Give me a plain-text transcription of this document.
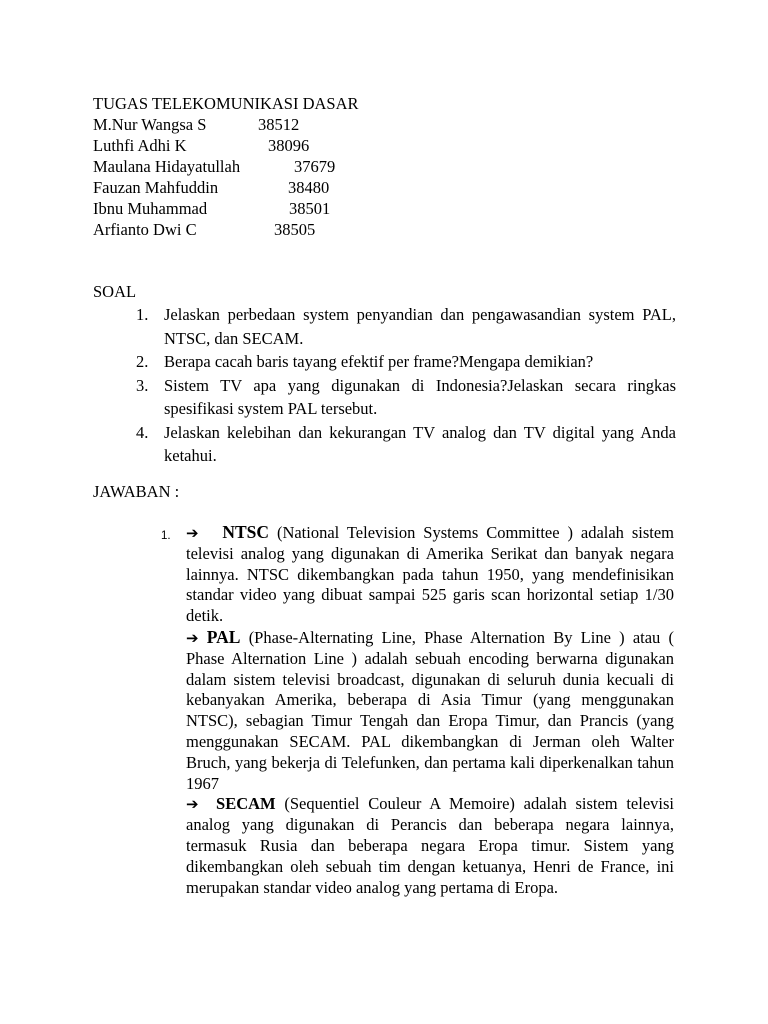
TUGAS TELEKOMUNIKASI DASAR
M.Nur Wangsa S	38512
Luthfi Adhi K	38096
Maulana Hidayatullah	37679
Fauzan Mahfuddin	38480
Ibnu Muhammad	38501
Arfianto Dwi C	38505
SOAL
1. Jelaskan perbedaan system penyandian dan pengawasandian system PAL, NTSC, dan SECAM.
2. Berapa cacah baris tayang efektif per frame?Mengapa demikian?
3. Sistem TV apa yang digunakan di Indonesia?Jelaskan secara ringkas spesifikasi system PAL tersebut.
4. Jelaskan kelebihan dan kekurangan TV analog dan TV digital yang Anda ketahui.
JAWABAN :
1. ➔ NTSC (National Television Systems Committee ) adalah sistem televisi analog yang digunakan di Amerika Serikat dan banyak negara lainnya. NTSC dikembangkan pada tahun 1950, yang mendefinisikan standar video yang dibuat sampai 525 garis scan horizontal setiap 1/30 detik.

➔ PAL (Phase-Alternating Line, Phase Alternation By Line ) atau ( Phase Alternation Line ) adalah sebuah encoding berwarna digunakan dalam sistem televisi broadcast, digunakan di seluruh dunia kecuali di kebanyakan Amerika, beberapa di Asia Timur (yang menggunakan NTSC), sebagian Timur Tengah dan Eropa Timur, dan Prancis (yang menggunakan SECAM. PAL dikembangkan di Jerman oleh Walter Bruch, yang bekerja di Telefunken, dan pertama kali diperkenalkan tahun 1967

➔ SECAM (Sequentiel Couleur A Memoire) adalah sistem televisi analog yang digunakan di Perancis dan beberapa negara lainnya, termasuk Rusia dan beberapa negara Eropa timur. Sistem yang dikembangkan oleh sebuah tim dengan ketuanya, Henri de France, ini merupakan standar video analog yang pertama di Eropa.
